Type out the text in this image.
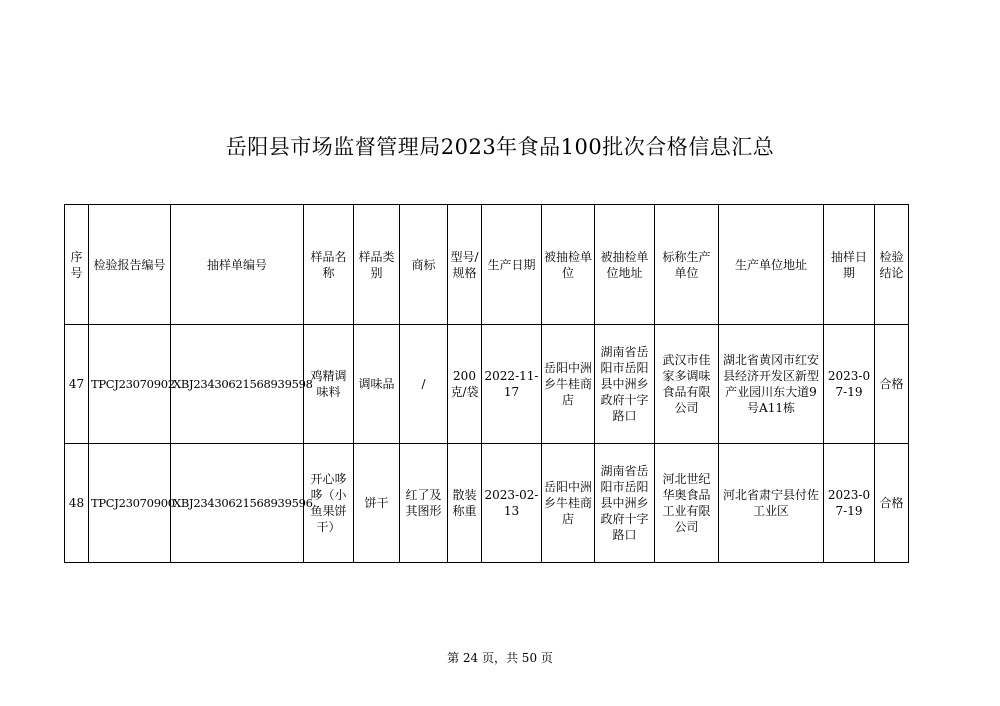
岳阳县市场监督管理局2023年食品100批次合格信息汇总
序号	检验报告编号	抽样单编号	样品名称	样品类别	商标	型号/规格	生产日期	被抽检单位	被抽检单位地址	标称生产单位	生产单位地址	抽样日期	检验结论
47	TPCJ23070902	XBJ23430621568939598	鸡精调味料	调味品	/	200克/袋	2022-11-17	岳阳中洲乡牛桂商店	湖南省岳阳市岳阳县中洲乡政府十字路口	武汉市佳家多调味食品有限公司	湖北省黄冈市红安县经济开发区新型产业园川东大道9号A11栋	2023-07-19	合格
48	TPCJ23070900	XBJ23430621568939596	开心哆哆（小鱼果饼干）	饼干	红了及其图形	散装称重	2023-02-13	岳阳中洲乡牛桂商店	湖南省岳阳市岳阳县中洲乡政府十字路口	河北世纪华奥食品工业有限公司	河北省肃宁县付佐工业区	2023-07-19	合格
第 24 页，共 50 页
